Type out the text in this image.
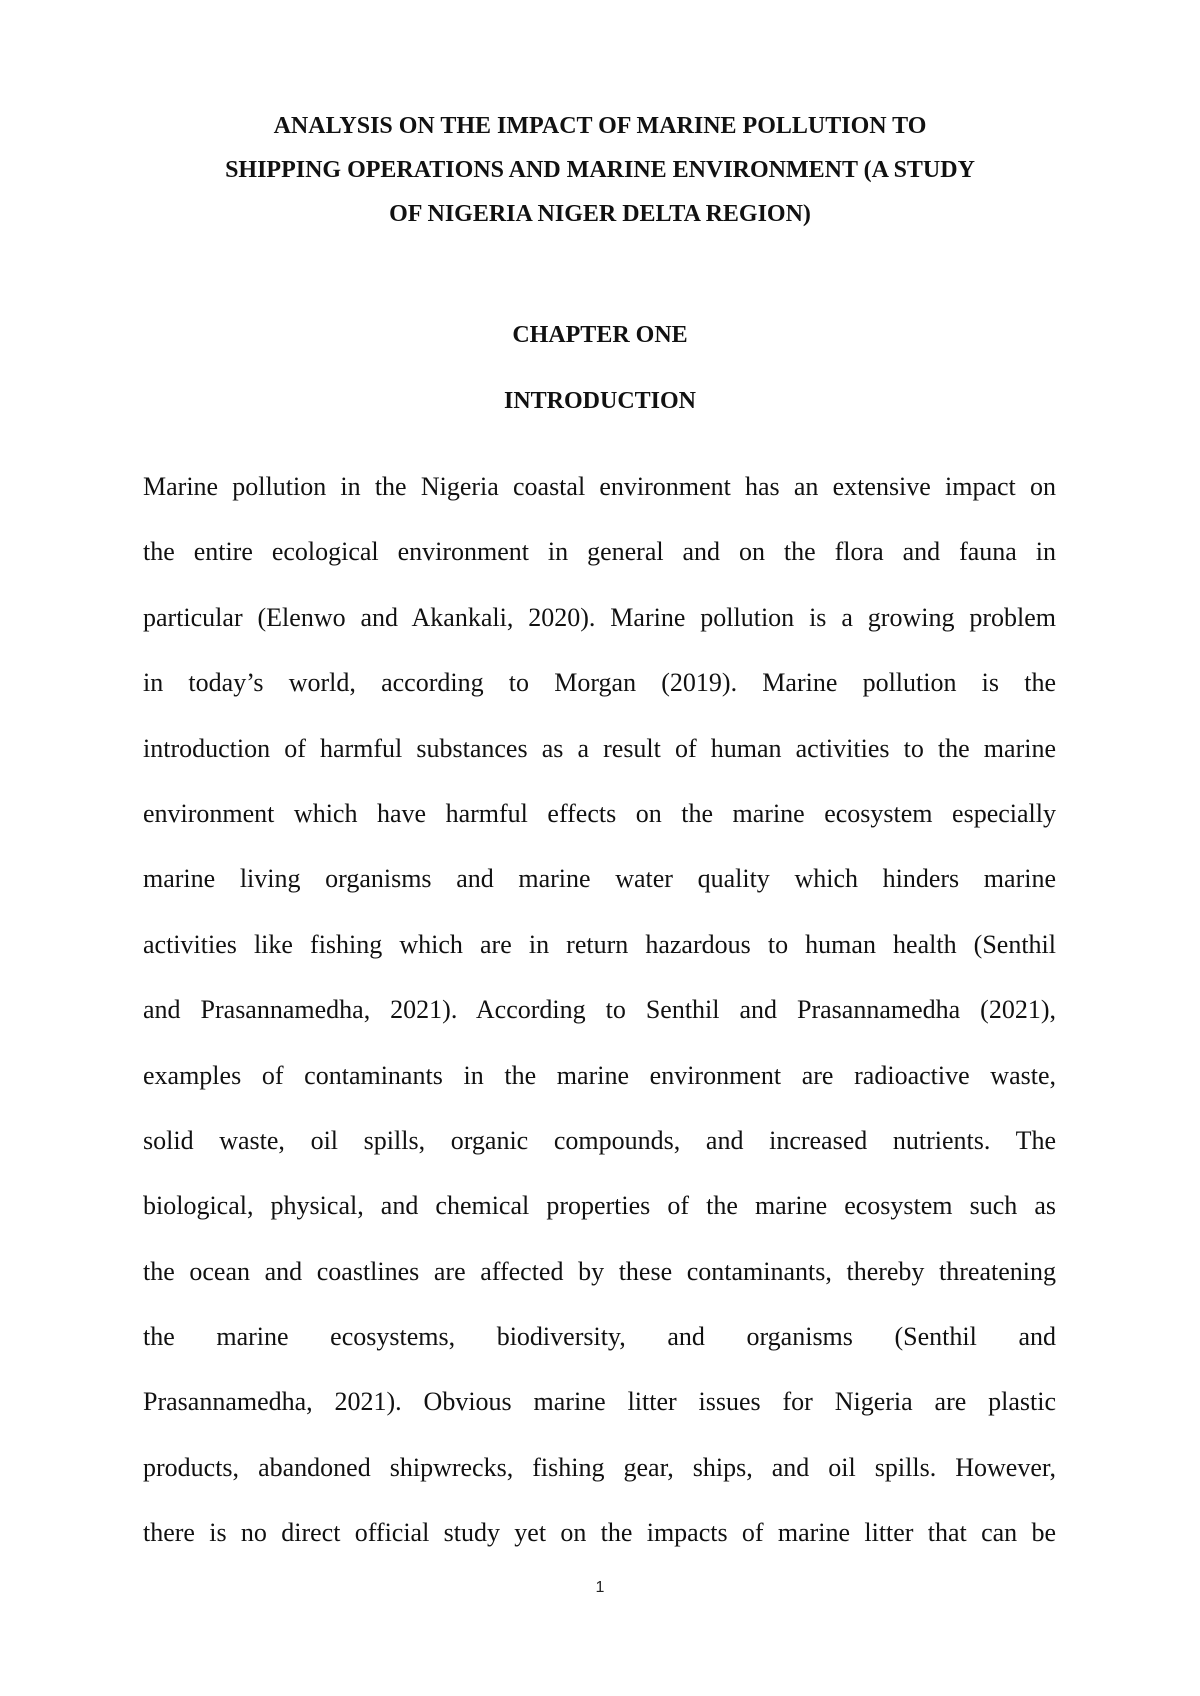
ANALYSIS ON THE IMPACT OF MARINE POLLUTION TO
SHIPPING OPERATIONS AND MARINE ENVIRONMENT (A STUDY
OF NIGERIA NIGER DELTA REGION)
CHAPTER ONE
INTRODUCTION
Marine pollution in the Nigeria coastal environment has an extensive impact on
the entire ecological environment in general and on the flora and fauna in
particular (Elenwo and Akankali, 2020). Marine pollution is a growing problem
in today’s world, according to Morgan (2019). Marine pollution is the
introduction of harmful substances as a result of human activities to the marine
environment which have harmful effects on the marine ecosystem especially
marine living organisms and marine water quality which hinders marine
activities like fishing which are in return hazardous to human health (Senthil
and Prasannamedha, 2021). According to Senthil and Prasannamedha (2021),
examples of contaminants in the marine environment are radioactive waste,
solid waste, oil spills, organic compounds, and increased nutrients. The
biological, physical, and chemical properties of the marine ecosystem such as
the ocean and coastlines are affected by these contaminants, thereby threatening
the marine ecosystems, biodiversity, and organisms (Senthil and
Prasannamedha, 2021). Obvious marine litter issues for Nigeria are plastic
products, abandoned shipwrecks, fishing gear, ships, and oil spills. However,
there is no direct official study yet on the impacts of marine litter that can be
1
